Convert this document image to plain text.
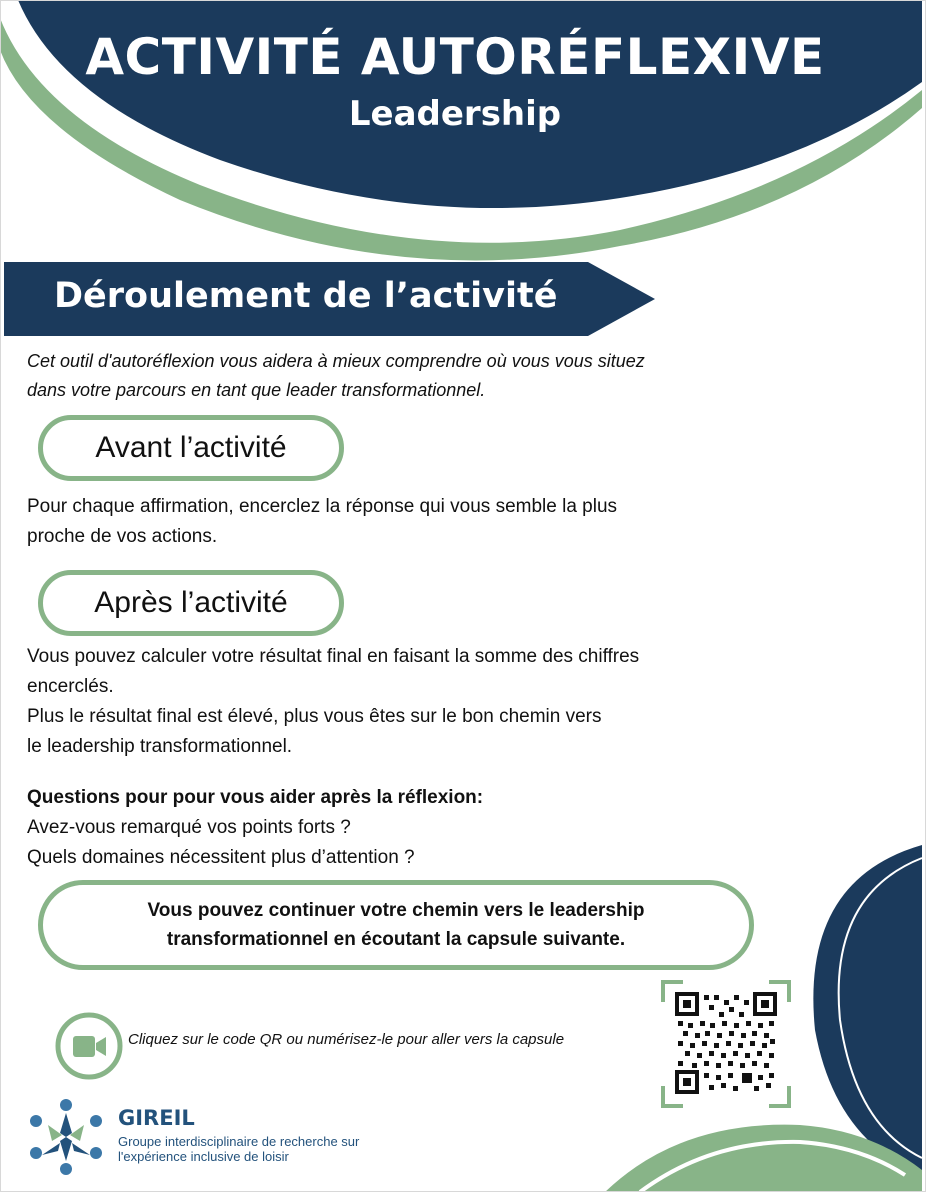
ACTIVITÉ AUTORÉFLEXIVE
Leadership
Déroulement de l’activité

Cet outil d'autoréflexion vous aidera à mieux comprendre où vous vous situez
dans votre parcours en tant que leader transformationnel.

Avant l’activité

Pour chaque affirmation, encerclez la réponse qui vous semble la plus
proche de vos actions.

Après l’activité

Vous pouvez calculer votre résultat final en faisant la somme des chiffres
encerclés.
Plus le résultat final est élevé, plus vous êtes sur le bon chemin vers
le leadership transformationnel.

Questions pour pour vous aider après la réflexion:
Avez-vous remarqué vos points forts ?
Quels domaines nécessitent plus d’attention ?

Vous pouvez continuer votre chemin vers le leadership
transformationnel en écoutant la capsule suivante.

Cliquez sur le code QR ou numérisez-le pour aller vers la capsule

GIREIL

Groupe interdisciplinaire de recherche sur
l'expérience inclusive de loisir
